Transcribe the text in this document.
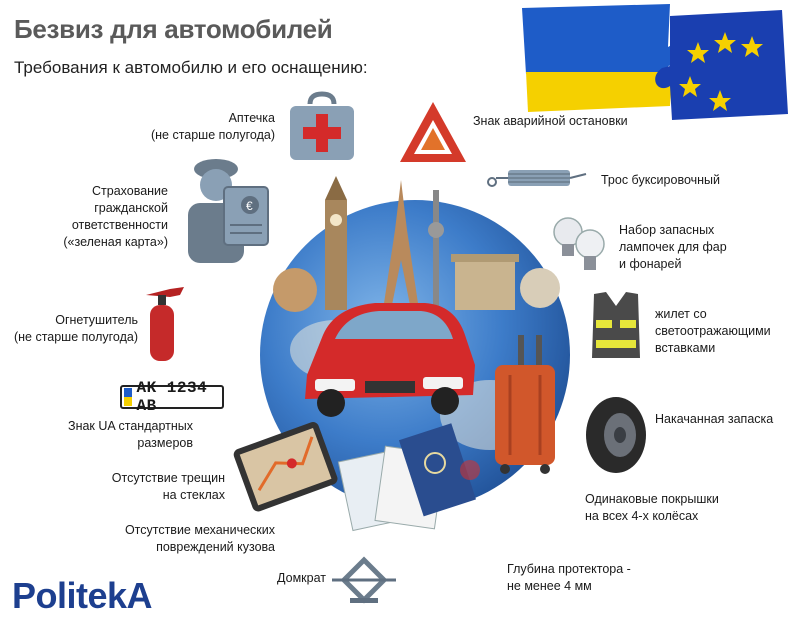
Безвиз для автомобилей
Требования к автомобилю и его оснащению:
Аптечка
(не старше полугода)
Страхование
гражданской
ответственности
(«зеленая карта»)
€
Огнетушитель
(не старше полугода)
AK 1234 AB
Знак UA стандартных
размеров
Отсутствие трещин
на стеклах
Отсутствие механических
повреждений кузова
Домкрат
Знак аварийной остановки
Трос буксировочный
Набор запасных
лампочек для фар
и фонарей
жилет со
светоотражающими
вставками
Накачанная запаска
Одинаковые покрышки
на всех 4-х колёсах
Глубина протектора -
не менее 4 мм
PolitekA
